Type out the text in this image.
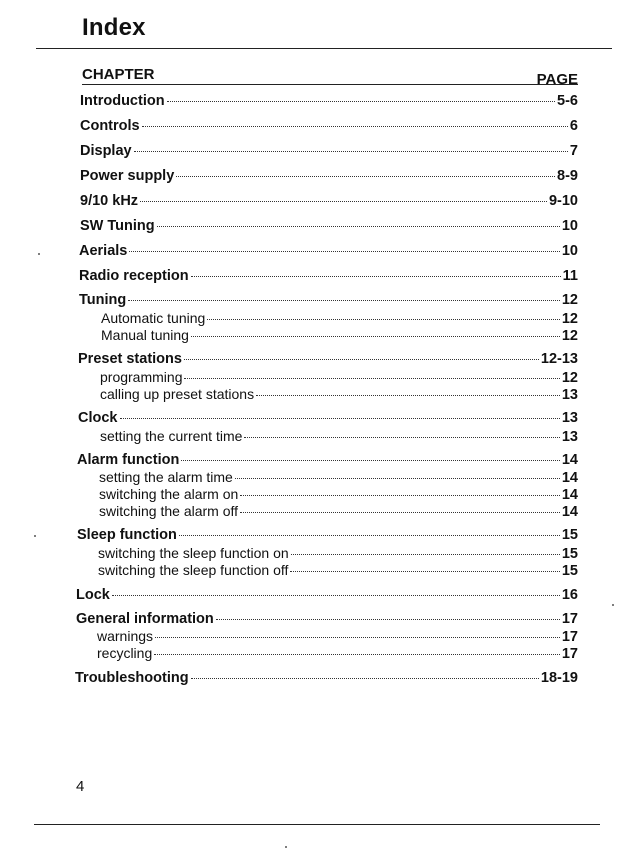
Index
CHAPTER	PAGE
Introduction	5-6
Controls	6
Display	7
Power supply	8-9
9/10 kHz	9-10
SW Tuning	10
Aerials	10
Radio reception	11
Tuning	12
Automatic tuning	12
Manual tuning	12
Preset stations	12-13
programming	12
calling up preset stations	13
Clock	13
setting the current time	13
Alarm function	14
setting the alarm time	14
switching the alarm on	14
switching the alarm off	14
Sleep function	15
switching the sleep function on	15
switching the sleep function off	15
Lock	16
General information	17
warnings	17
recycling	17
Troubleshooting	18-19
4
